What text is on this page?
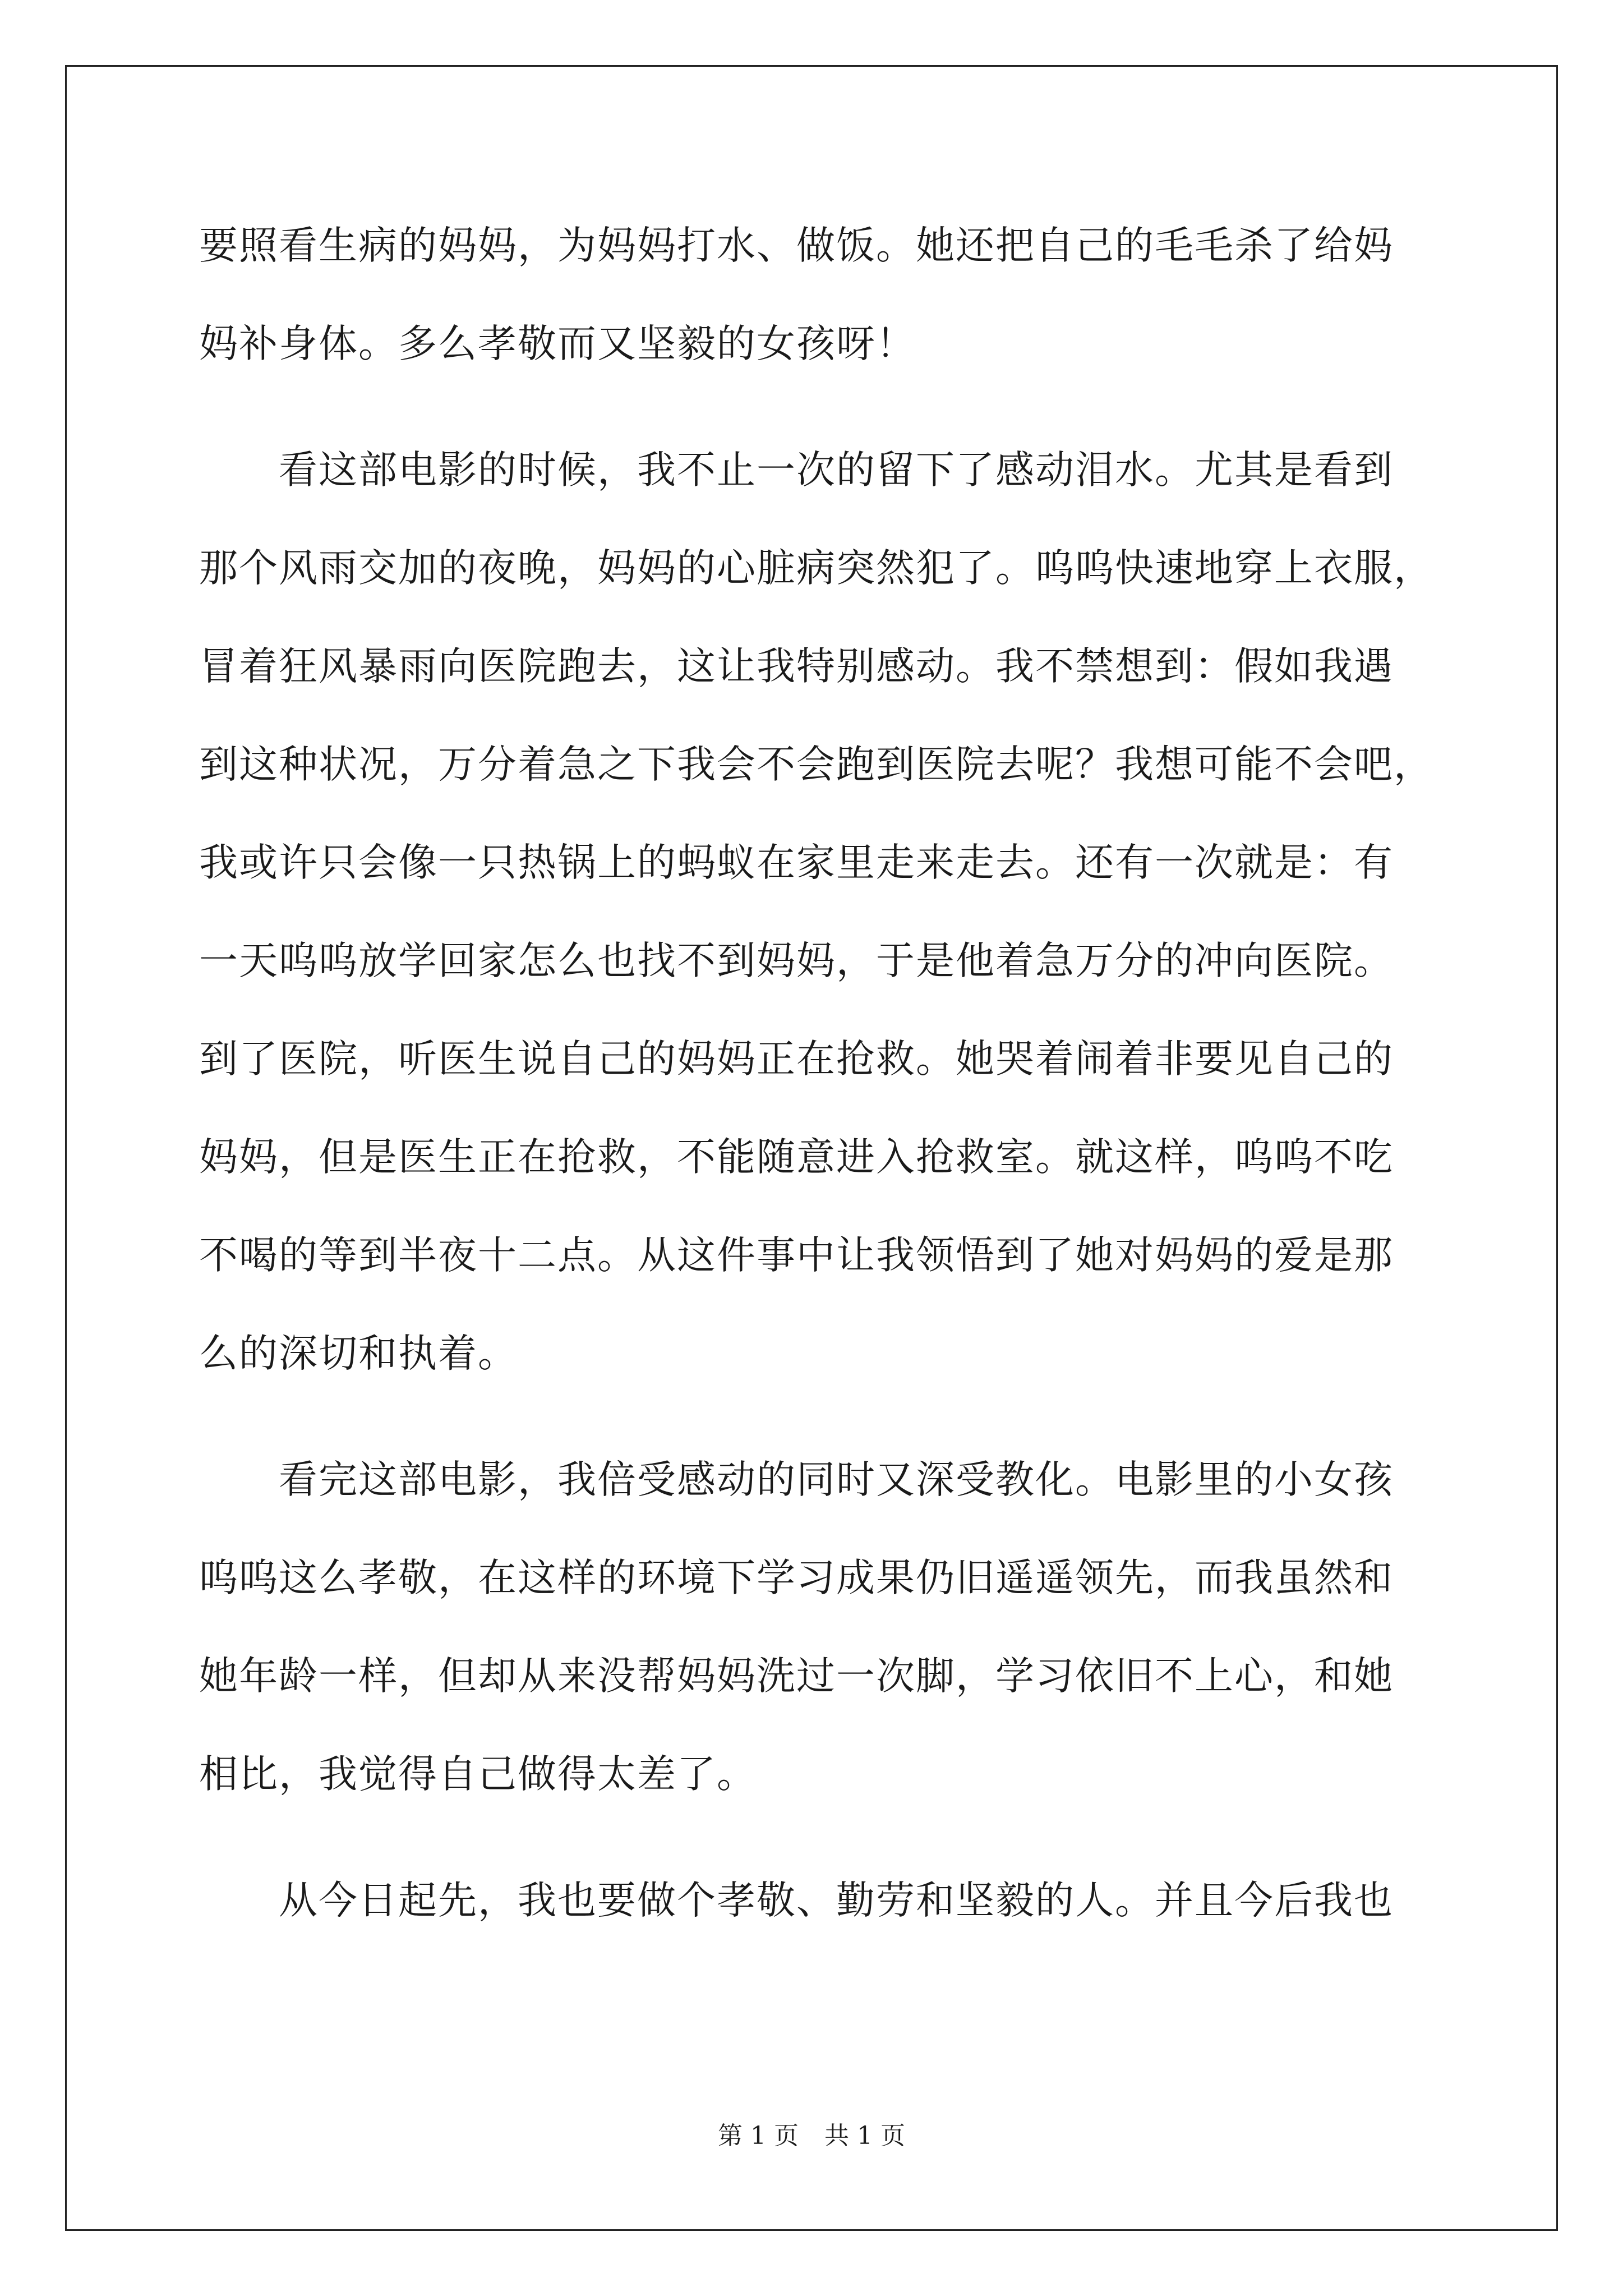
要照看生病的妈妈，为妈妈打水、做饭。她还把自己的毛毛杀了给妈
妈补身体。多么孝敬而又坚毅的女孩呀！
　　看这部电影的时候，我不止一次的留下了感动泪水。尤其是看到
那个风雨交加的夜晚，妈妈的心脏病突然犯了。呜呜快速地穿上衣服，
冒着狂风暴雨向医院跑去，这让我特别感动。我不禁想到：假如我遇
到这种状况，万分着急之下我会不会跑到医院去呢？我想可能不会吧，
我或许只会像一只热锅上的蚂蚁在家里走来走去。还有一次就是：有
一天呜呜放学回家怎么也找不到妈妈，于是他着急万分的冲向医院。
到了医院，听医生说自己的妈妈正在抢救。她哭着闹着非要见自己的
妈妈，但是医生正在抢救，不能随意进入抢救室。就这样，呜呜不吃
不喝的等到半夜十二点。从这件事中让我领悟到了她对妈妈的爱是那
么的深切和执着。
　　看完这部电影，我倍受感动的同时又深受教化。电影里的小女孩
呜呜这么孝敬，在这样的环境下学习成果仍旧遥遥领先，而我虽然和
她年龄一样，但却从来没帮妈妈洗过一次脚，学习依旧不上心，和她
相比，我觉得自己做得太差了。
　　从今日起先，我也要做个孝敬、勤劳和坚毅的人。并且今后我也
第 1 页 共 1 页
